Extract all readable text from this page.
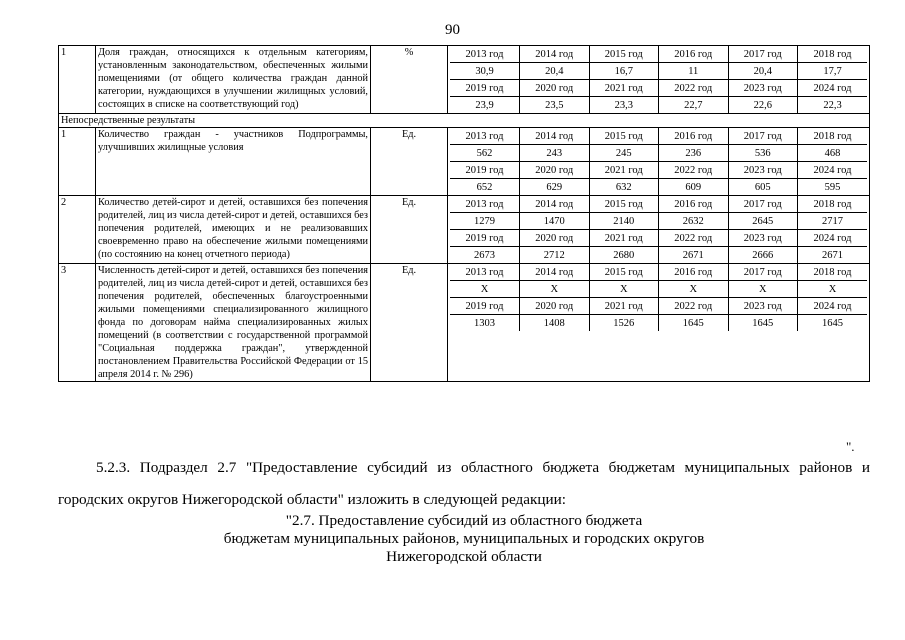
90
1	Доля граждан, относящихся к отдельным категориям, установленным законодательством, обеспеченных жилыми помещениями (от общего количества граждан данной категории, нуждающихся в улучшении жилищных условий, состоящих в списке на соответствующий год)	%		2013 год	2014 год	2015 год	2016 год	2017 год	2018 год
30,9	20,4	16,7	11	20,4	17,7
2019 год	2020 год	2021 год	2022 год	2023 год	2024 год
23,9	23,5	23,3	22,7	22,6	22,3

Непосредственные результаты
1	Количество граждан - участников Подпрограммы, улучшивших жилищные условия	Ед.		2013 год	2014 год	2015 год	2016 год	2017 год	2018 год
562	243	245	236	536	468
2019 год	2020 год	2021 год	2022 год	2023 год	2024 год
652	629	632	609	605	595

2	Количество детей-сирот и детей, оставшихся без попечения родителей, лиц из числа детей-сирот и детей, оставшихся без попечения родителей, имеющих и не реализовавших своевременно право на обеспечение жилыми помещениями (по состоянию на конец отчетного периода)	Ед.		2013 год	2014 год	2015 год	2016 год	2017 год	2018 год
1279	1470	2140	2632	2645	2717
2019 год	2020 год	2021 год	2022 год	2023 год	2024 год
2673	2712	2680	2671	2666	2671

3	Численность детей-сирот и детей, оставшихся без попечения родителей, лиц из числа детей-сирот и детей, оставшихся без попечения родителей, обеспеченных благоустроенными жилыми помещениями специализированного жилищного фонда по договорам найма специализированных жилых помещений (в соответствии с государственной программой "Социальная поддержка граждан", утвержденной постановлением Правительства Российской Федерации от 15 апреля 2014 г. № 296)	Ед.		2013 год	2014 год	2015 год	2016 год	2017 год	2018 год
X	X	X	X	X	X
2019 год	2020 год	2021 год	2022 год	2023 год	2024 год
1303	1408	1526	1645	1645	1645
".
5.2.3. Подраздел 2.7 "Предоставление субсидий из областного бюджета бюджетам муниципальных районов и городских округов Нижегородской области" изложить в следующей редакции:
"2.7. Предоставление субсидий из областного бюджета
бюджетам муниципальных районов, муниципальных и городских округов
Нижегородской области
